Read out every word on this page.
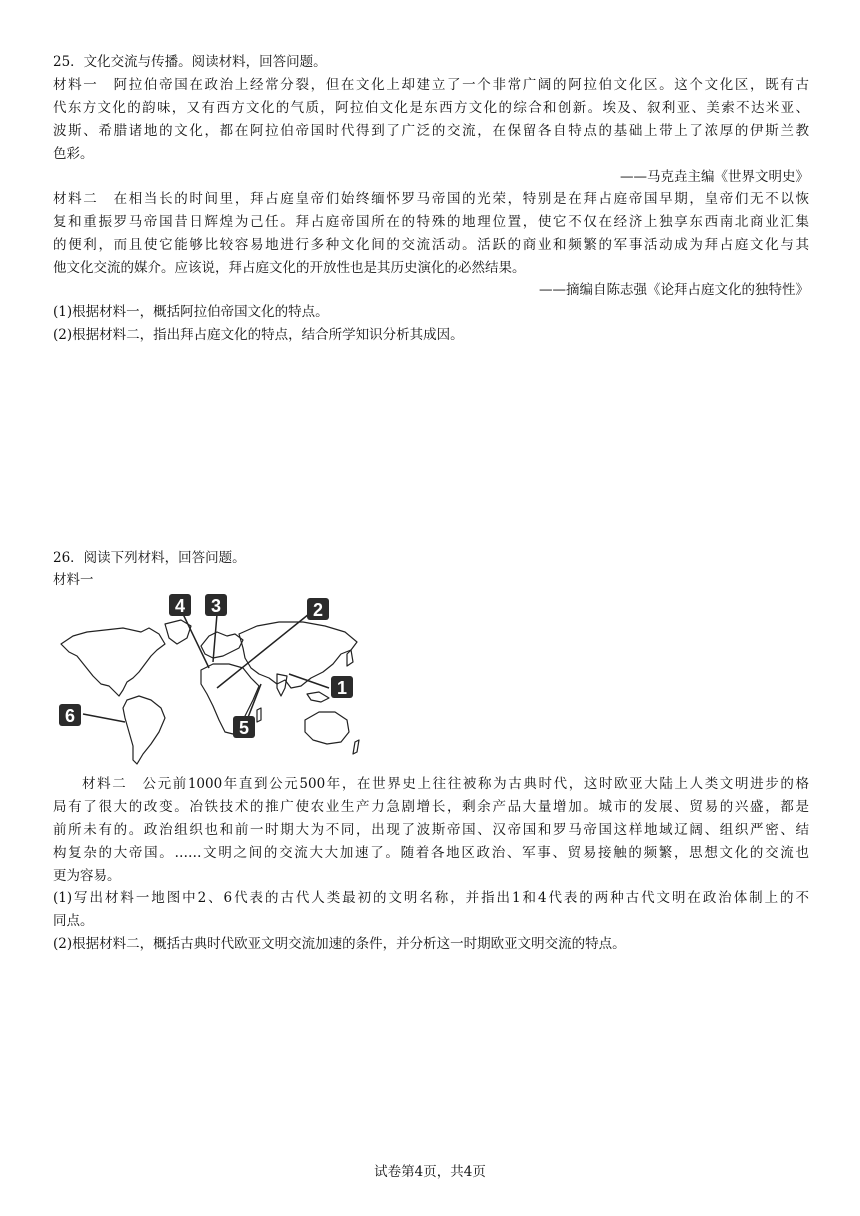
25．文化交流与传播。阅读材料，回答问题。
材料一　阿拉伯帝国在政治上经常分裂，但在文化上却建立了一个非常广阔的阿拉伯文化区。这个文化区，既有古
代东方文化的韵味，又有西方文化的气质，阿拉伯文化是东西方文化的综合和创新。埃及、叙利亚、美索不达米亚、
波斯、希腊诸地的文化，都在阿拉伯帝国时代得到了广泛的交流，在保留各自特点的基础上带上了浓厚的伊斯兰教
色彩。
——马克垚主编《世界文明史》
材料二　在相当长的时间里，拜占庭皇帝们始终缅怀罗马帝国的光荣，特别是在拜占庭帝国早期，皇帝们无不以恢
复和重振罗马帝国昔日辉煌为己任。拜占庭帝国所在的特殊的地理位置，使它不仅在经济上独享东西南北商业汇集
的便利，而且使它能够比较容易地进行多种文化间的交流活动。活跃的商业和频繁的军事活动成为拜占庭文化与其
他文化交流的媒介。应该说，拜占庭文化的开放性也是其历史演化的必然结果。
——摘编自陈志强《论拜占庭文化的独特性》
(1)根据材料一，概括阿拉伯帝国文化的特点。
(2)根据材料二，指出拜占庭文化的特点，结合所学知识分析其成因。
26．阅读下列材料，回答问题。
材料一
4 3	2
1
5
6
材料二　公元前1000年直到公元500年，在世界史上往往被称为古典时代，这时欧亚大陆上人类文明进步的格
局有了很大的改变。冶铁技术的推广使农业生产力急剧增长，剩余产品大量增加。城市的发展、贸易的兴盛，都是
前所未有的。政治组织也和前一时期大为不同，出现了波斯帝国、汉帝国和罗马帝国这样地域辽阔、组织严密、结
构复杂的大帝国。……文明之间的交流大大加速了。随着各地区政治、军事、贸易接触的频繁，思想文化的交流也
更为容易。
(1)写出材料一地图中2、6代表的古代人类最初的文明名称，并指出1和4代表的两种古代文明在政治体制上的不
同点。
(2)根据材料二，概括古典时代欧亚文明交流加速的条件，并分析这一时期欧亚文明交流的特点。
试卷第4页，共4页
